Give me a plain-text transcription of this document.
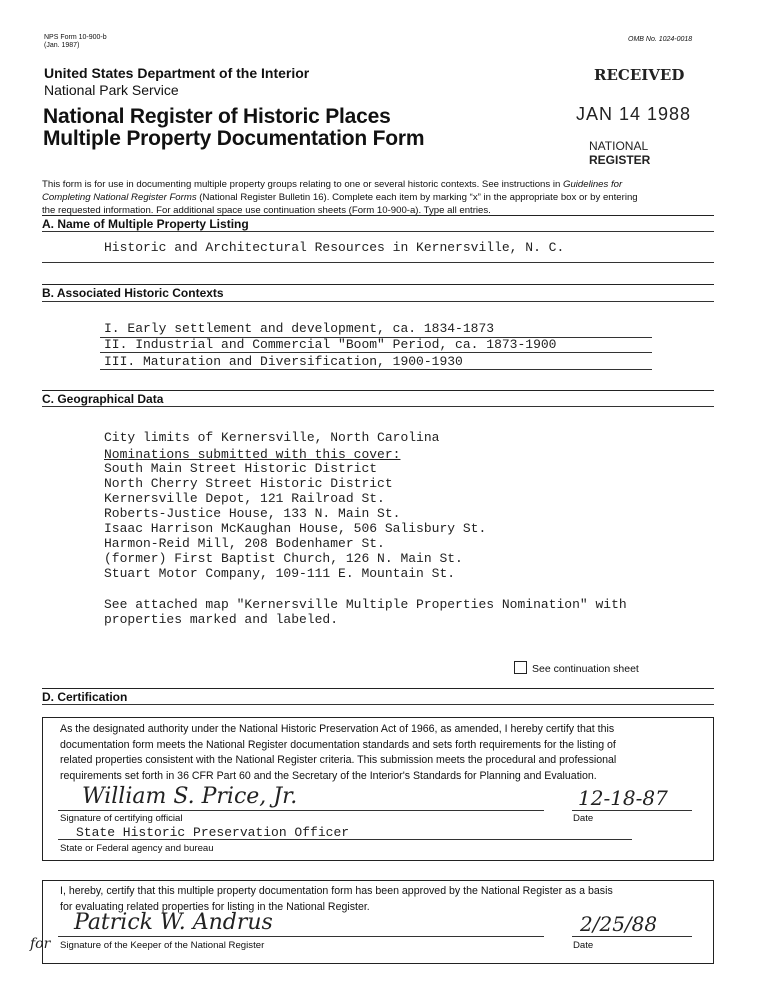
NPS Form 10-900-b
(Jan. 1987)
OMB No. 1024-0018
United States Department of the Interior
National Park Service
National Register of Historic Places
Multiple Property Documentation Form
RECEIVED
JAN 14 1988
NATIONAL
REGISTER
This form is for use in documenting multiple property groups relating to one or several historic contexts. See instructions in Guidelines for
Completing National Register Forms (National Register Bulletin 16). Complete each item by marking “x” in the appropriate box or by entering
the requested information. For additional space use continuation sheets (Form 10-900-a). Type all entries.
A. Name of Multiple Property Listing
Historic and Architectural Resources in Kernersville, N. C.
B. Associated Historic Contexts
I. Early settlement and development, ca. 1834-1873
II. Industrial and Commercial "Boom" Period, ca. 1873-1900
III. Maturation and Diversification, 1900-1930
C. Geographical Data
City limits of Kernersville, North Carolina
Nominations submitted with this cover:
South Main Street Historic District
North Cherry Street Historic District
Kernersville Depot, 121 Railroad St.
Roberts-Justice House, 133 N. Main St.
Isaac Harrison McKaughan House, 506 Salisbury St.
Harmon-Reid Mill, 208 Bodenhamer St.
(former) First Baptist Church, 126 N. Main St.
Stuart Motor Company, 109-111 E. Mountain St.
See attached map "Kernersville Multiple Properties Nomination" with
properties marked and labeled.
See continuation sheet
D. Certification
As the designated authority under the National Historic Preservation Act of 1966, as amended, I hereby certify that this
documentation form meets the National Register documentation standards and sets forth requirements for the listing of
related properties consistent with the National Register criteria. This submission meets the procedural and professional
requirements set forth in 36 CFR Part 60 and the Secretary of the Interior's Standards for Planning and Evaluation.
William S. Price, Jr.	12-18-87
Signature of certifying official	Date
State Historic Preservation Officer
State or Federal agency and bureau
I, hereby, certify that this multiple property documentation form has been approved by the National Register as a basis
for evaluating related properties for listing in the National Register.
Patrick W. Andrus	2/25/88
for Signature of the Keeper of the National Register	Date
